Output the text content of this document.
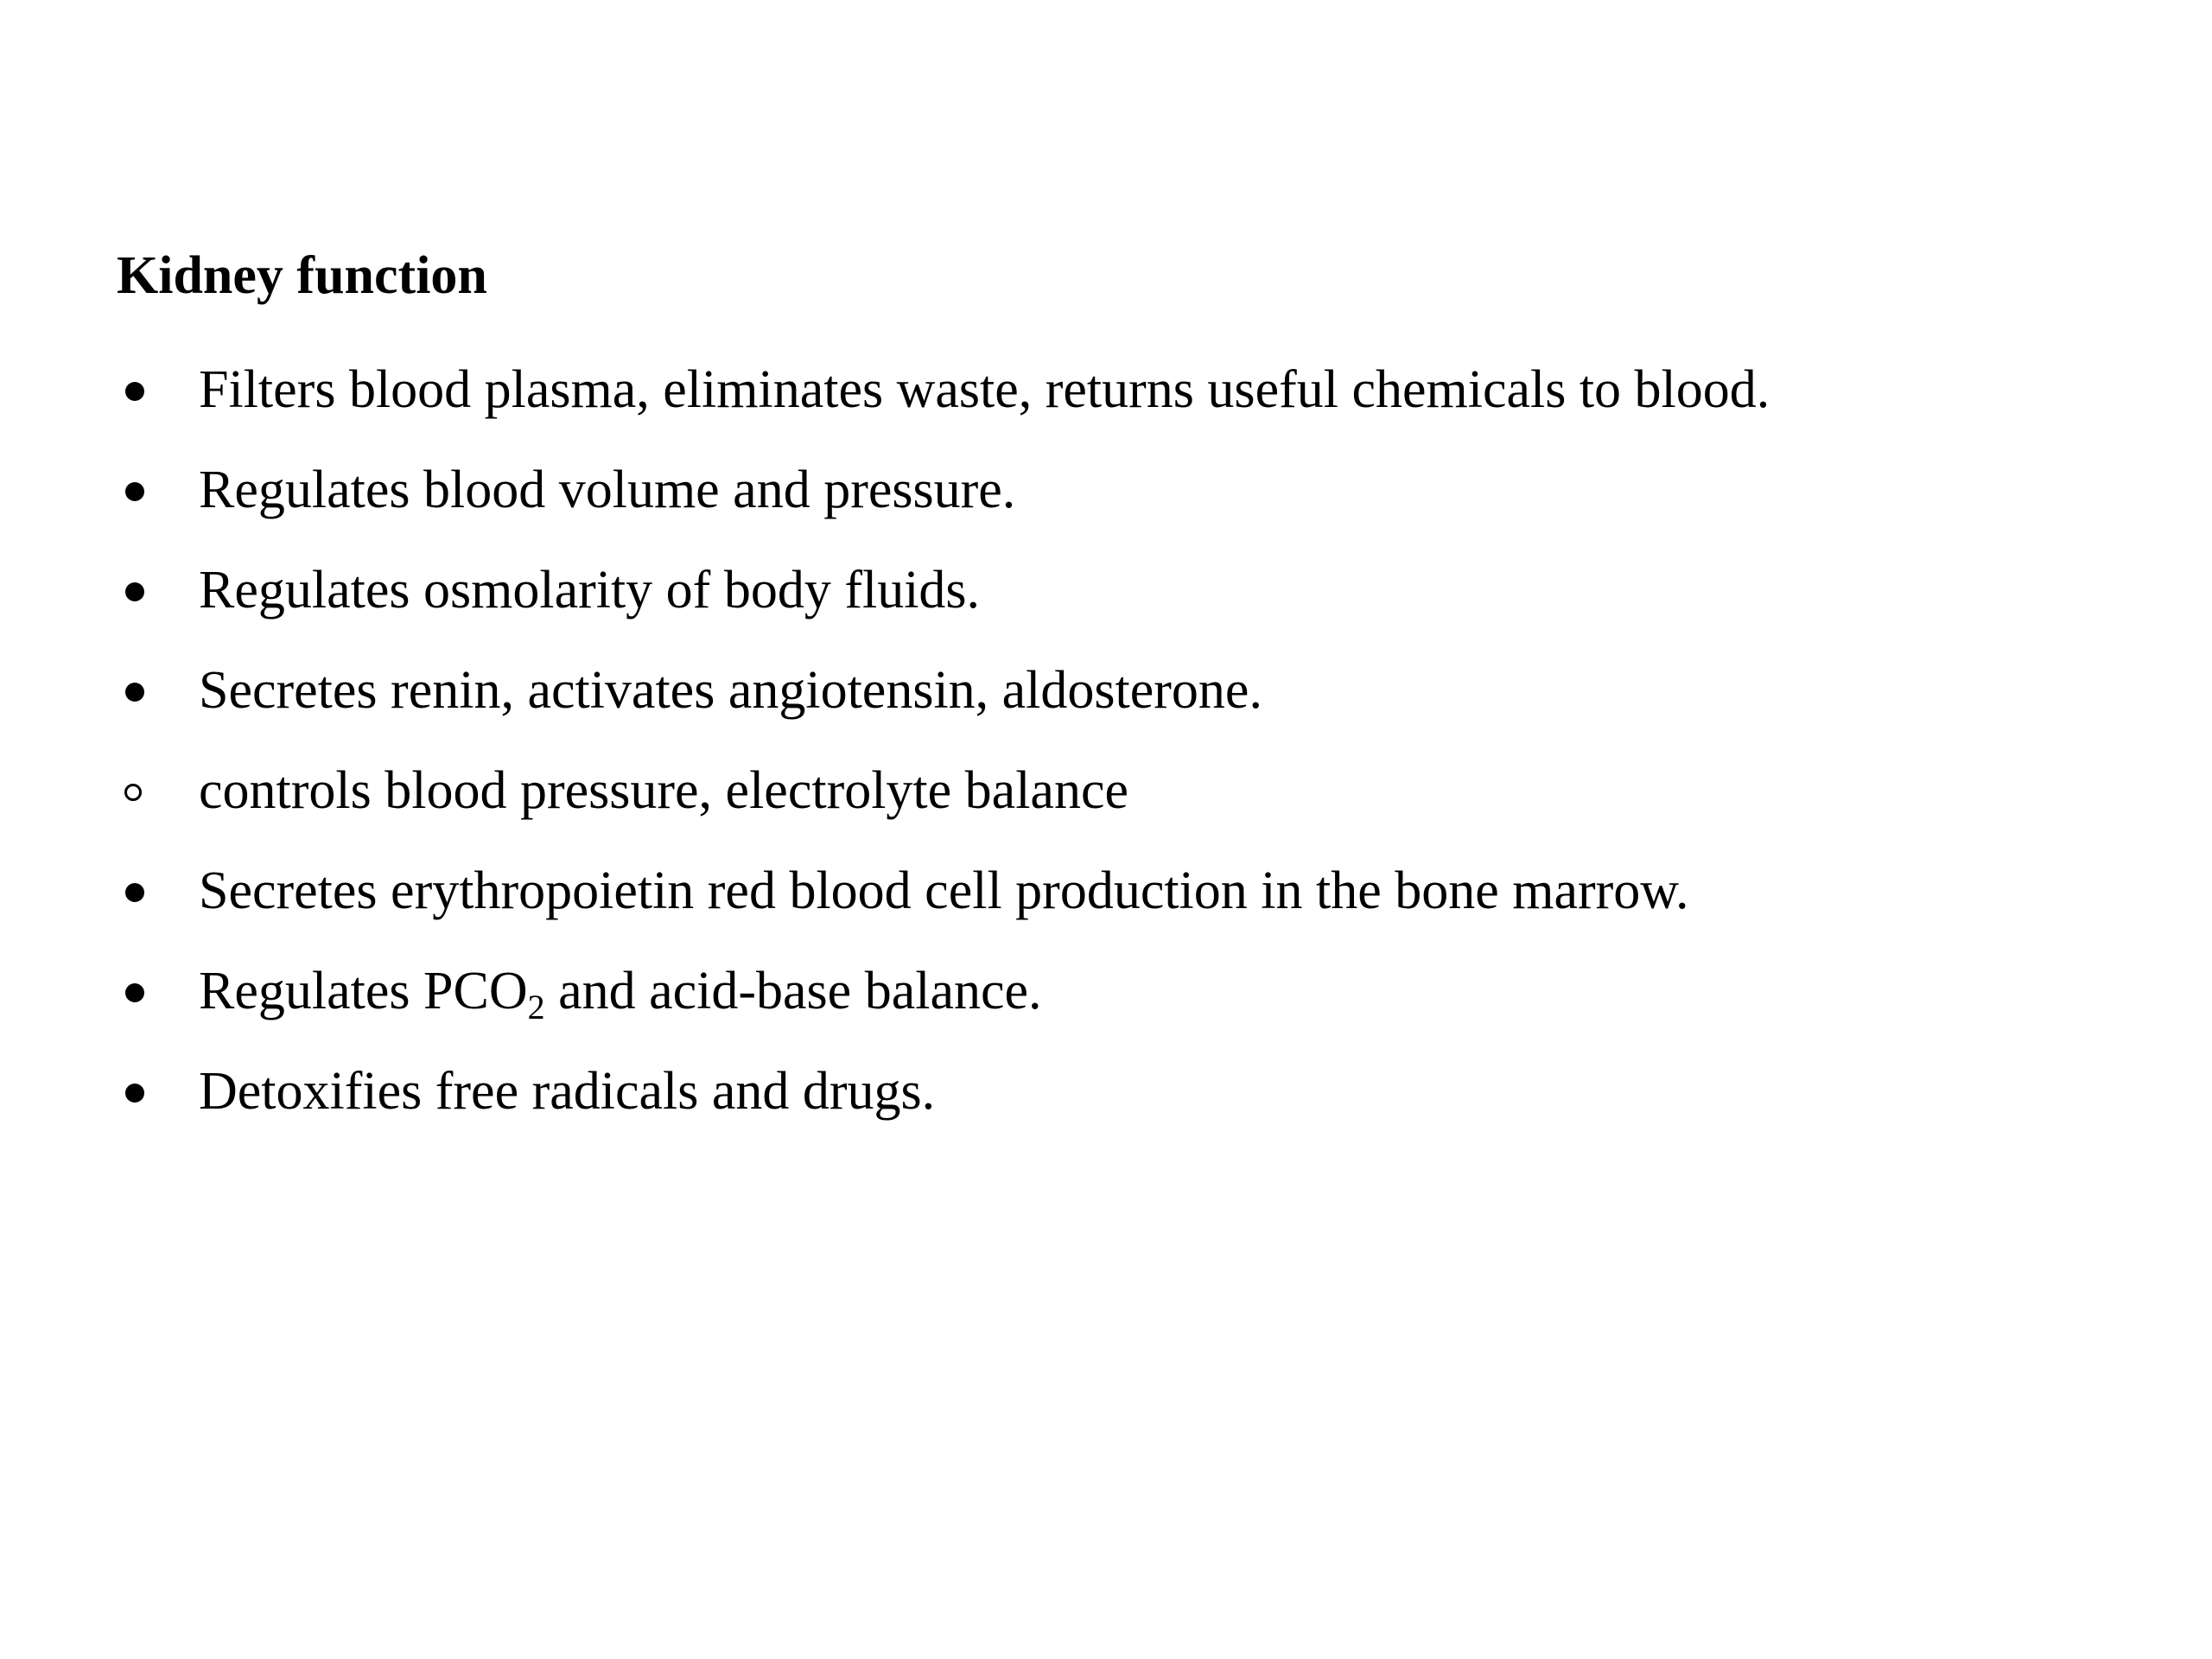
Kidney function
Filters blood plasma, eliminates waste, returns useful chemicals to blood.
Regulates blood volume and pressure.
Regulates osmolarity of body fluids.
Secretes renin, activates angiotensin, aldosterone.
controls blood pressure, electrolyte balance
Secretes erythropoietin red blood cell production in the bone marrow.
Regulates $PCO_2$ and acid-base balance.
Detoxifies free radicals and drugs.
